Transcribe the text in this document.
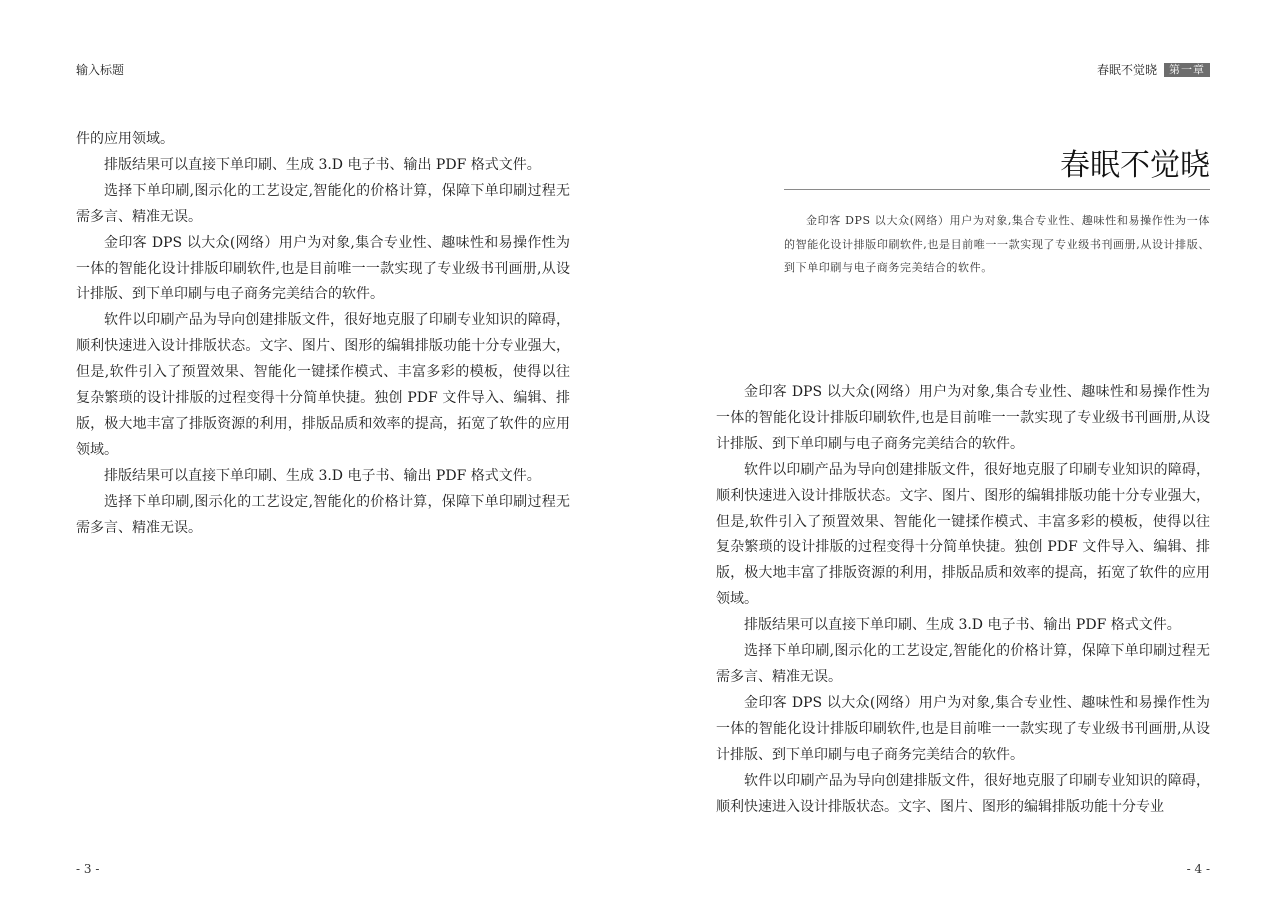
输入标题

件的应用领域。

排版结果可以直接下单印刷、生成 3.D 电子书、输出 PDF 格式文件。

选择下单印刷,图示化的工艺设定,智能化的价格计算，保障下单印刷过程无需多言、精准无误。

金印客 DPS 以大众(网络）用户为对象,集合专业性、趣味性和易操作性为一体的智能化设计排版印刷软件,也是目前唯一一款实现了专业级书刊画册,从设计排版、到下单印刷与电子商务完美结合的软件。

软件以印刷产品为导向创建排版文件，很好地克服了印刷专业知识的障碍，顺利快速进入设计排版状态。文字、图片、图形的编辑排版功能十分专业强大，但是,软件引入了预置效果、智能化一键揉作模式、丰富多彩的模板，使得以往复杂繁琐的设计排版的过程变得十分简单快捷。独创 PDF 文件导入、编辑、排版，极大地丰富了排版资源的利用，排版品质和效率的提高，拓宽了软件的应用领域。

排版结果可以直接下单印刷、生成 3.D 电子书、输出 PDF 格式文件。

选择下单印刷,图示化的工艺设定,智能化的价格计算，保障下单印刷过程无需多言、精准无误。

- 3 -
春眠不觉晓	第一章
春眠不觉晓

金印客 DPS 以大众(网络）用户为对象,集合专业性、趣味性和易操作性为一体的智能化设计排版印刷软件,也是目前唯一一款实现了专业级书刊画册,从设计排版、到下单印刷与电子商务完美结合的软件。

金印客 DPS 以大众(网络）用户为对象,集合专业性、趣味性和易操作性为一体的智能化设计排版印刷软件,也是目前唯一一款实现了专业级书刊画册,从设计排版、到下单印刷与电子商务完美结合的软件。

软件以印刷产品为导向创建排版文件，很好地克服了印刷专业知识的障碍，顺利快速进入设计排版状态。文字、图片、图形的编辑排版功能十分专业强大，但是,软件引入了预置效果、智能化一键揉作模式、丰富多彩的模板，使得以往复杂繁琐的设计排版的过程变得十分简单快捷。独创 PDF 文件导入、编辑、排版，极大地丰富了排版资源的利用，排版品质和效率的提高，拓宽了软件的应用领域。

排版结果可以直接下单印刷、生成 3.D 电子书、输出 PDF 格式文件。

选择下单印刷,图示化的工艺设定,智能化的价格计算，保障下单印刷过程无需多言、精准无误。

金印客 DPS 以大众(网络）用户为对象,集合专业性、趣味性和易操作性为一体的智能化设计排版印刷软件,也是目前唯一一款实现了专业级书刊画册,从设计排版、到下单印刷与电子商务完美结合的软件。

软件以印刷产品为导向创建排版文件，很好地克服了印刷专业知识的障碍，顺利快速进入设计排版状态。文字、图片、图形的编辑排版功能十分专业

- 4 -
